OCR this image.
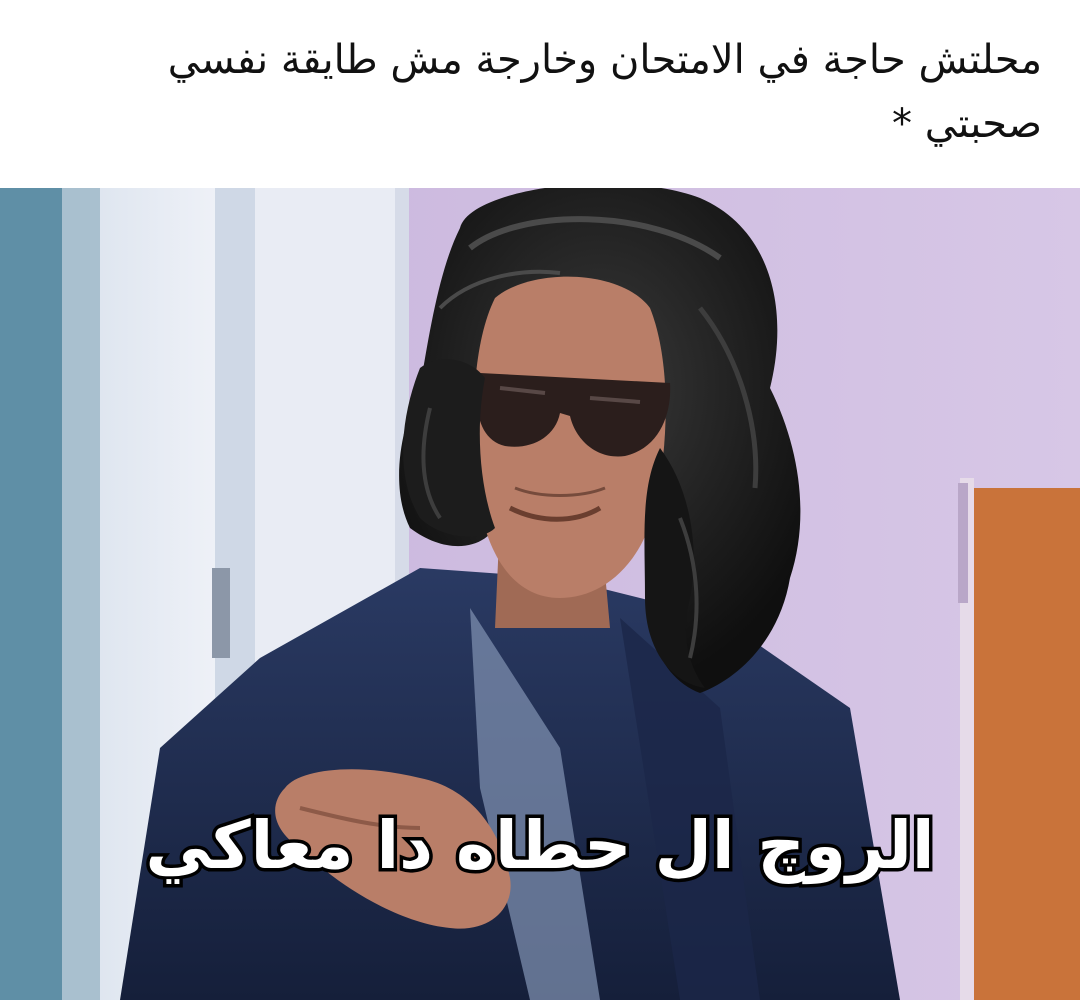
محلتش حاجة في الامتحان وخارجة مش طايقة نفسي
صحبتي *
الروچ ال حطاه دا معاكي
